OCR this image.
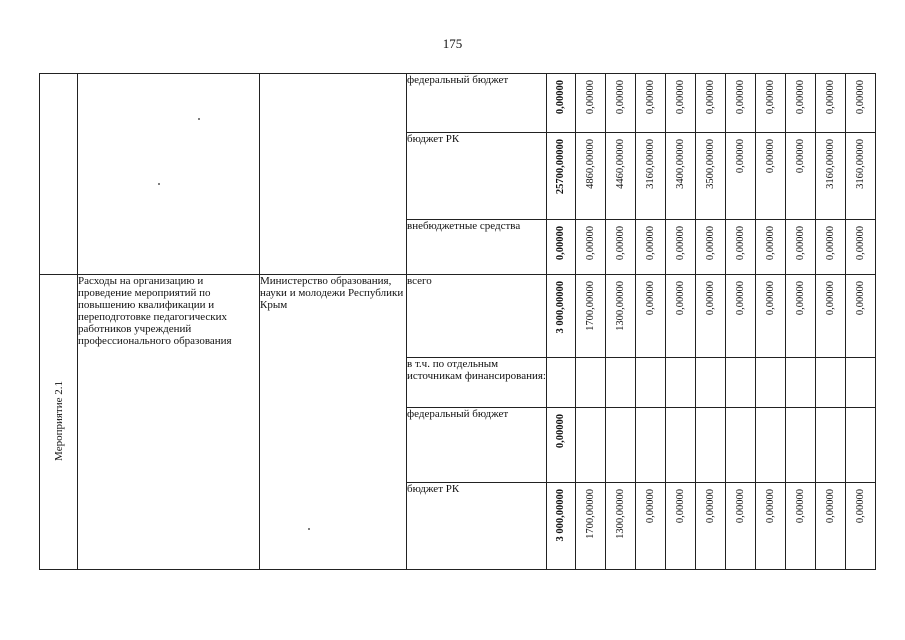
175
			федеральный бюджет	0,00000	0,00000	0,00000	0,00000	0,00000	0,00000	0,00000	0,00000	0,00000	0,00000	0,00000
			бюджет РК	25700,00000	4860,00000	4460,00000	3160,00000	3400,00000	3500,00000	0,00000	0,00000	0,00000	3160,00000	3160,00000
			внебюджетные средства	0,00000	0,00000	0,00000	0,00000	0,00000	0,00000	0,00000	0,00000	0,00000	0,00000	0,00000
Мероприятие 2.1	Расходы на организацию и проведение мероприятий по повышению квалификации и переподготовке педагогических работников учреждений профессионального образования	Министерство образования, науки и молодежи Республики Крым	всего	3 000,00000	1700,00000	1300,00000	0,00000	0,00000	0,00000	0,00000	0,00000	0,00000	0,00000	0,00000
			в т.ч. по отдельным источникам финансирования:											
			федеральный бюджет	0,00000										
			бюджет РК	3 000,00000	1700,00000	1300,00000	0,00000	0,00000	0,00000	0,00000	0,00000	0,00000	0,00000	0,00000
